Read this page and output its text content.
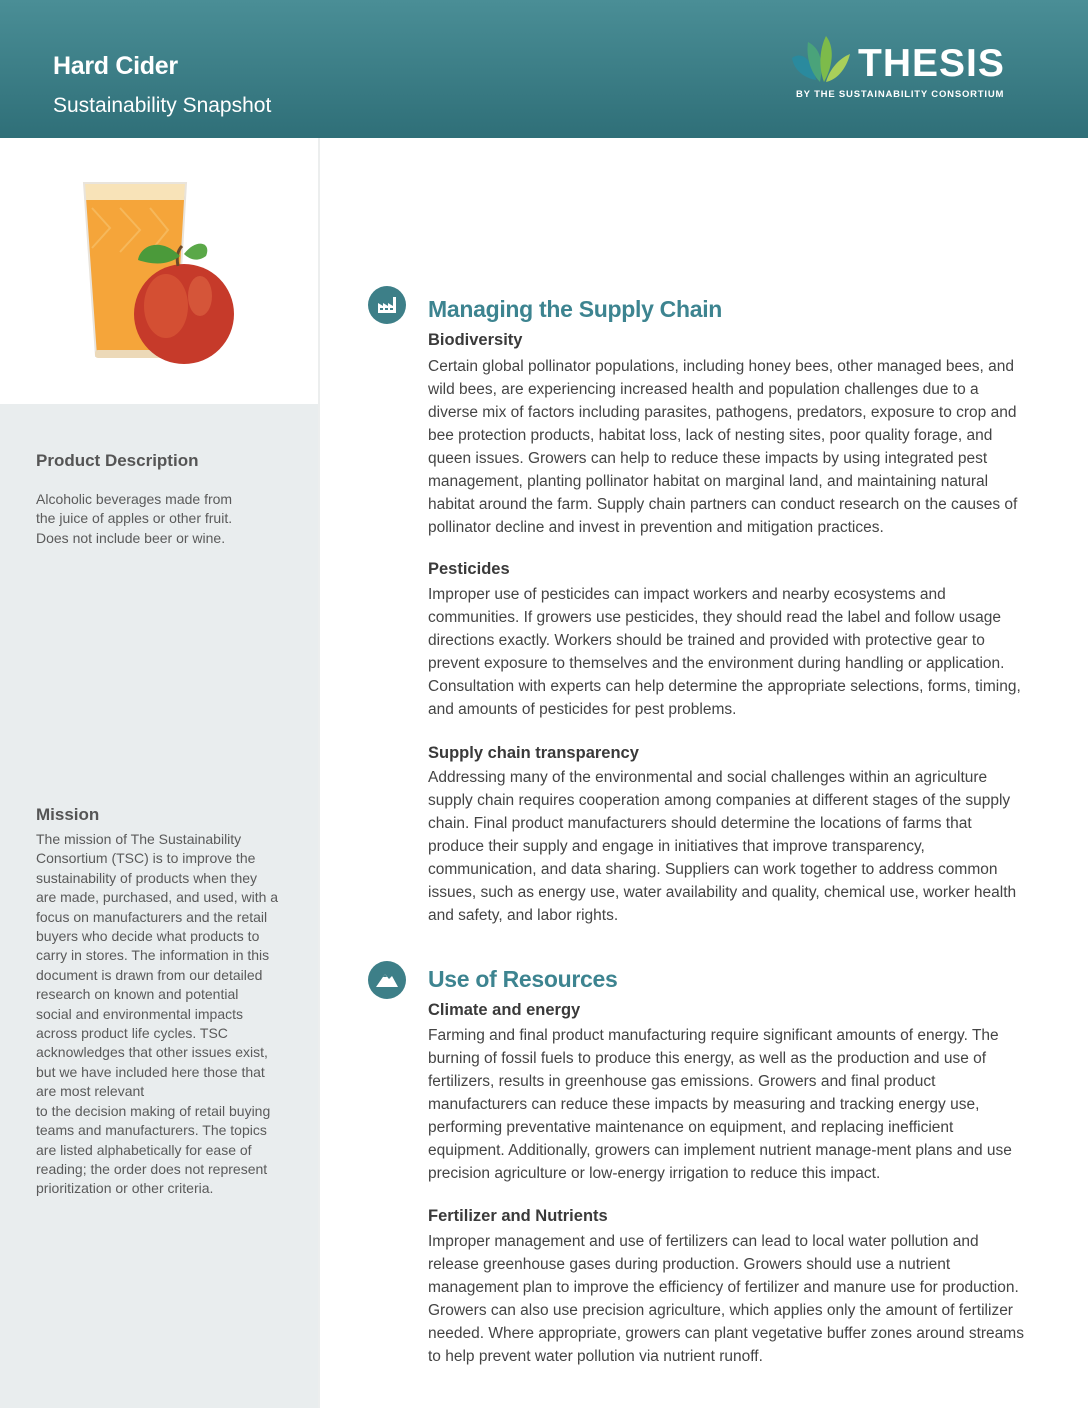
Hard Cider
Sustainability Snapshot
THESIS
BY THE SUSTAINABILITY CONSORTIUM
Product Description

Alcoholic beverages made from
the juice of apples or other fruit.
Does not include beer or wine.

Mission

The mission of The Sustainability
Consortium (TSC) is to improve the
sustainability of products when they
are made, purchased, and used, with a
focus on manufacturers and the retail
buyers who decide what products to
carry in stores. The information in this
document is drawn from our detailed
research on known and potential
social and environmental impacts
across product life cycles. TSC
acknowledges that other issues exist,
but we have included here those that
are most relevant
to the decision making of retail buying
teams and manufacturers. The topics
are listed alphabetically for ease of
reading; the order does not represent
prioritization or other criteria.

Managing the Supply Chain
Biodiversity

Certain global pollinator populations, including honey bees, other managed bees, and wild bees, are experiencing increased health and population challenges due to a diverse mix of factors including parasites, pathogens, predators, exposure to crop and bee protection products, habitat loss, lack of nesting sites, poor quality forage, and queen issues. Growers can help to reduce these impacts by using integrated pest management, planting pollinator habitat on marginal land, and maintaining natural habitat around the farm. Supply chain partners can conduct research on the causes of pollinator decline and invest in prevention and mitigation practices.

Pesticides

Improper use of pesticides can impact workers and nearby ecosystems and communities. If growers use pesticides, they should read the label and follow usage directions exactly. Workers should be trained and provided with protective gear to prevent exposure to themselves and the environment during handling or application. Consultation with experts can help determine the appropriate selections, forms, timing, and amounts of pesticides for pest problems.

Supply chain transparency

Addressing many of the environmental and social challenges within an agriculture supply chain requires cooperation among companies at different stages of the supply chain. Final product manufacturers should determine the locations of farms that produce their supply and engage in initiatives that improve transparency, communication, and data sharing. Suppliers can work together to address common issues, such as energy use, water availability and quality, chemical use, worker health and safety, and labor rights.

Use of Resources
Climate and energy

Farming and final product manufacturing require significant amounts of energy. The burning of fossil fuels to produce this energy, as well as the production and use of fertilizers, results in greenhouse gas emissions. Growers and final product manufacturers can reduce these impacts by measuring and tracking energy use, performing preventative maintenance on equipment, and replacing inefficient equipment. Additionally, growers can implement nutrient manage-ment plans and use precision agriculture or low-energy irrigation to reduce this impact.

Fertilizer and Nutrients

Improper management and use of fertilizers can lead to local water pollution and release greenhouse gases during production. Growers should use a nutrient management plan to improve the efficiency of fertilizer and manure use for production. Growers can also use precision agriculture, which applies only the amount of fertilizer needed. Where appropriate, growers can plant vegetative buffer zones around streams to help prevent water pollution via nutrient runoff.
